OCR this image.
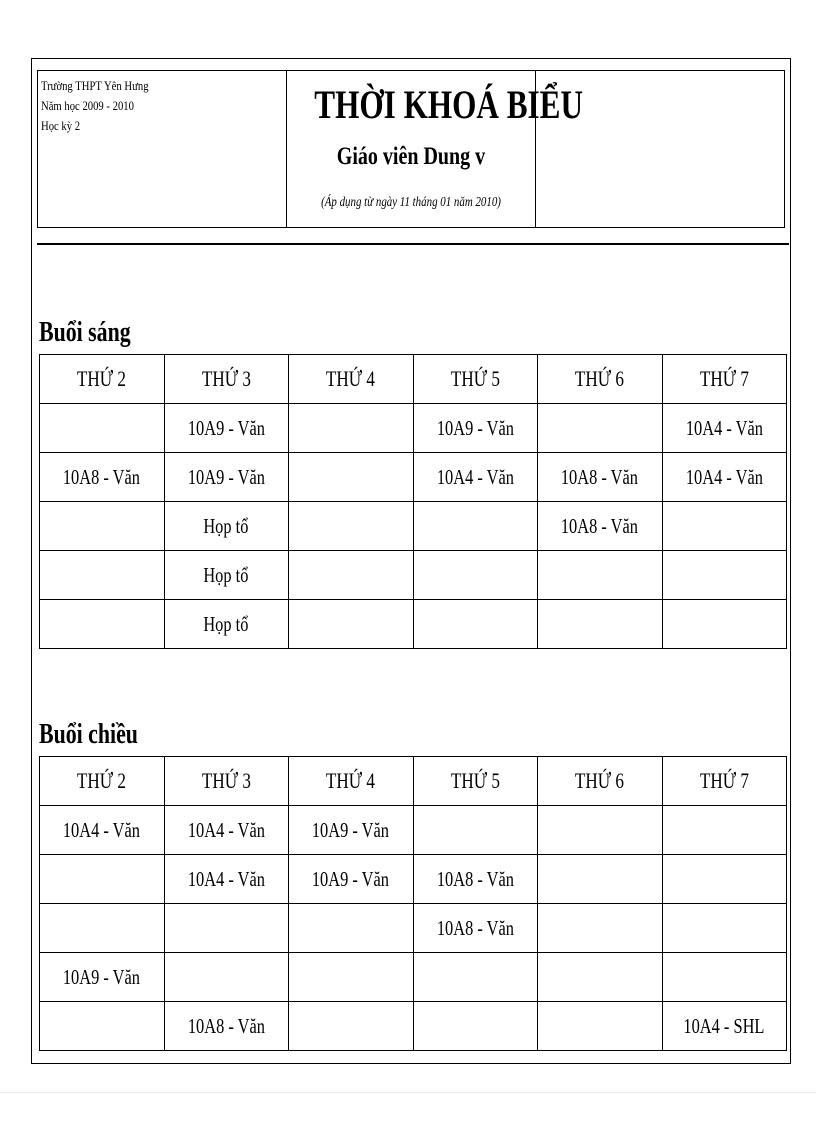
Trường THPT Yên Hưng
Năm học 2009 - 2010
Học kỳ 2	THỜI KHOÁ BIỂU
Giáo viên Dung v
(Áp dụng từ ngày 11 tháng 01 năm 2010)
Buổi sáng
THỨ 2	THỨ 3	THỨ 4	THỨ 5	THỨ 6	THỨ 7
	10A9 - Văn		10A9 - Văn		10A4 - Văn
10A8 - Văn	10A9 - Văn		10A4 - Văn	10A8 - Văn	10A4 - Văn
	Họp tổ			10A8 - Văn	
	Họp tổ				
	Họp tổ				
Buổi chiều
THỨ 2	THỨ 3	THỨ 4	THỨ 5	THỨ 6	THỨ 7
10A4 - Văn	10A4 - Văn	10A9 - Văn			
	10A4 - Văn	10A9 - Văn	10A8 - Văn		
			10A8 - Văn		
10A9 - Văn					
	10A8 - Văn				10A4 - SHL
